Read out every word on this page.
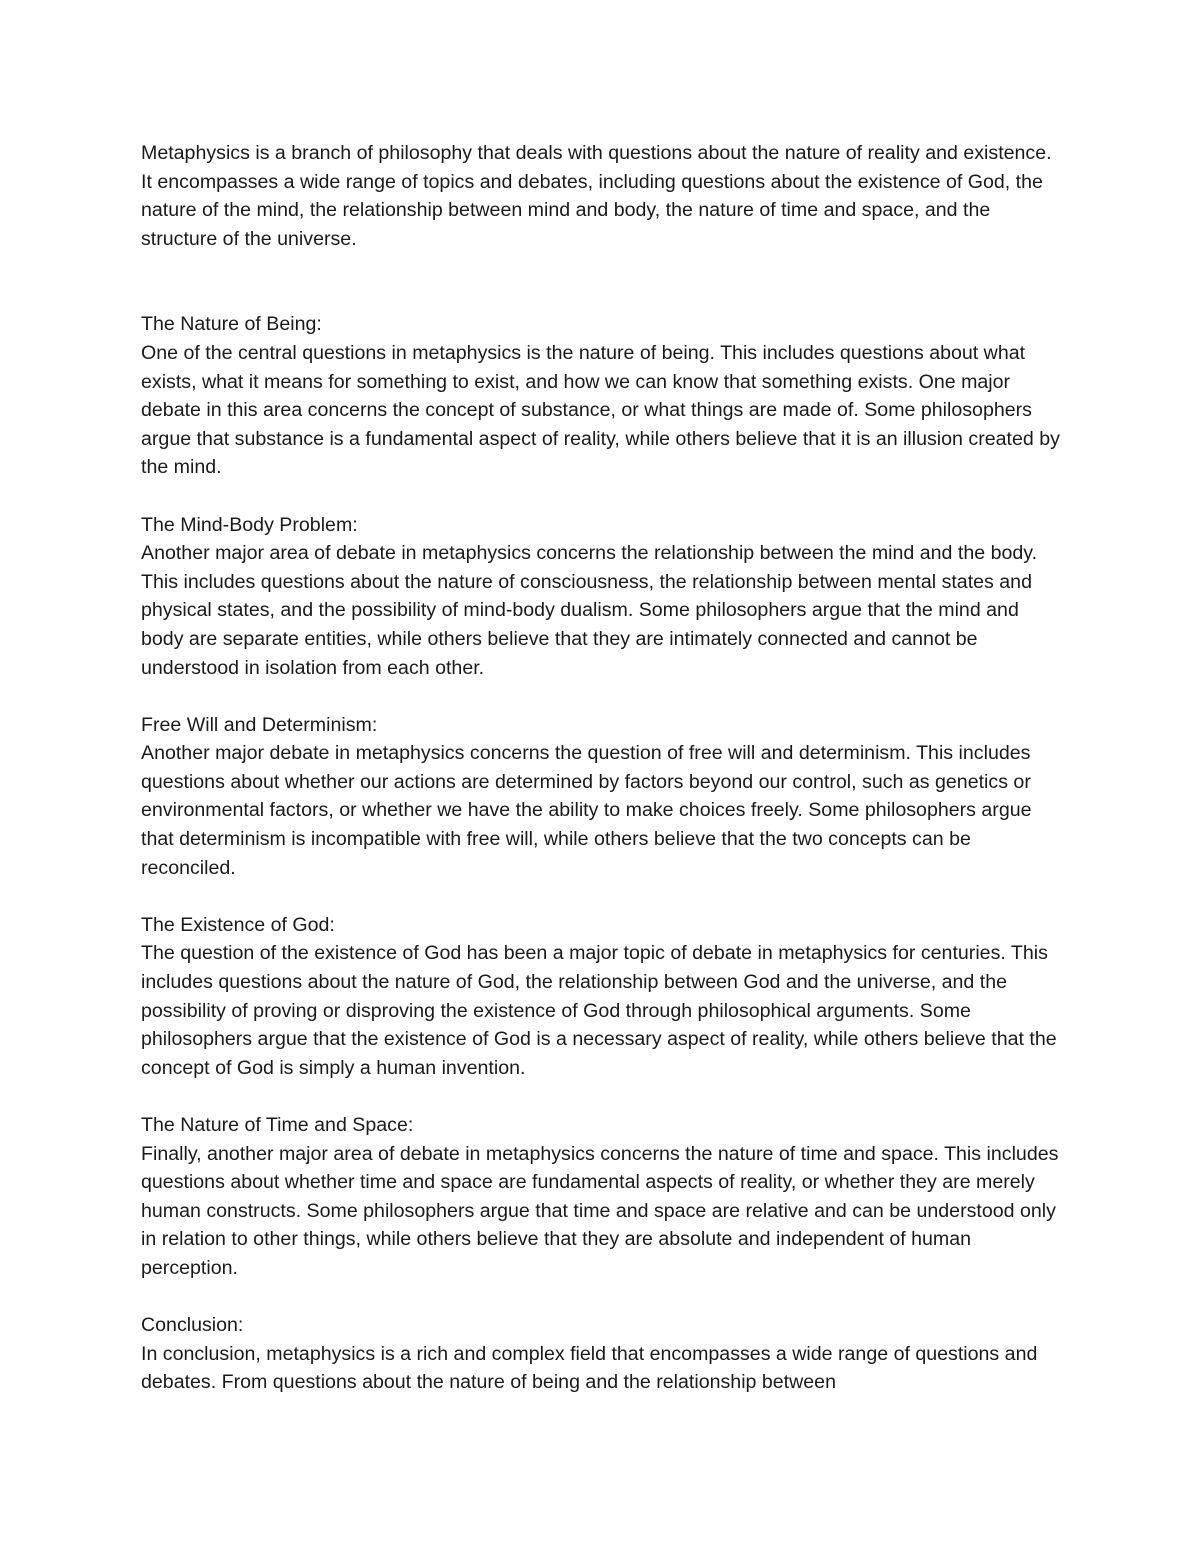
Metaphysics is a branch of philosophy that deals with questions about the nature of reality and existence. It encompasses a wide range of topics and debates, including questions about the existence of God, the nature of the mind, the relationship between mind and body, the nature of time and space, and the structure of the universe.

The Nature of Being:
One of the central questions in metaphysics is the nature of being. This includes questions about what exists, what it means for something to exist, and how we can know that something exists. One major debate in this area concerns the concept of substance, or what things are made of. Some philosophers argue that substance is a fundamental aspect of reality, while others believe that it is an illusion created by the mind.
The Mind-Body Problem:
Another major area of debate in metaphysics concerns the relationship between the mind and the body. This includes questions about the nature of consciousness, the relationship between mental states and physical states, and the possibility of mind-body dualism. Some philosophers argue that the mind and body are separate entities, while others believe that they are intimately connected and cannot be understood in isolation from each other.
Free Will and Determinism:
Another major debate in metaphysics concerns the question of free will and determinism. This includes questions about whether our actions are determined by factors beyond our control, such as genetics or environmental factors, or whether we have the ability to make choices freely. Some philosophers argue that determinism is incompatible with free will, while others believe that the two concepts can be reconciled.
The Existence of God:
The question of the existence of God has been a major topic of debate in metaphysics for centuries. This includes questions about the nature of God, the relationship between God and the universe, and the possibility of proving or disproving the existence of God through philosophical arguments. Some philosophers argue that the existence of God is a necessary aspect of reality, while others believe that the concept of God is simply a human invention.
The Nature of Time and Space:
Finally, another major area of debate in metaphysics concerns the nature of time and space. This includes questions about whether time and space are fundamental aspects of reality, or whether they are merely human constructs. Some philosophers argue that time and space are relative and can be understood only in relation to other things, while others believe that they are absolute and independent of human perception.
Conclusion:
In conclusion, metaphysics is a rich and complex field that encompasses a wide range of questions and debates. From questions about the nature of being and the relationship between
